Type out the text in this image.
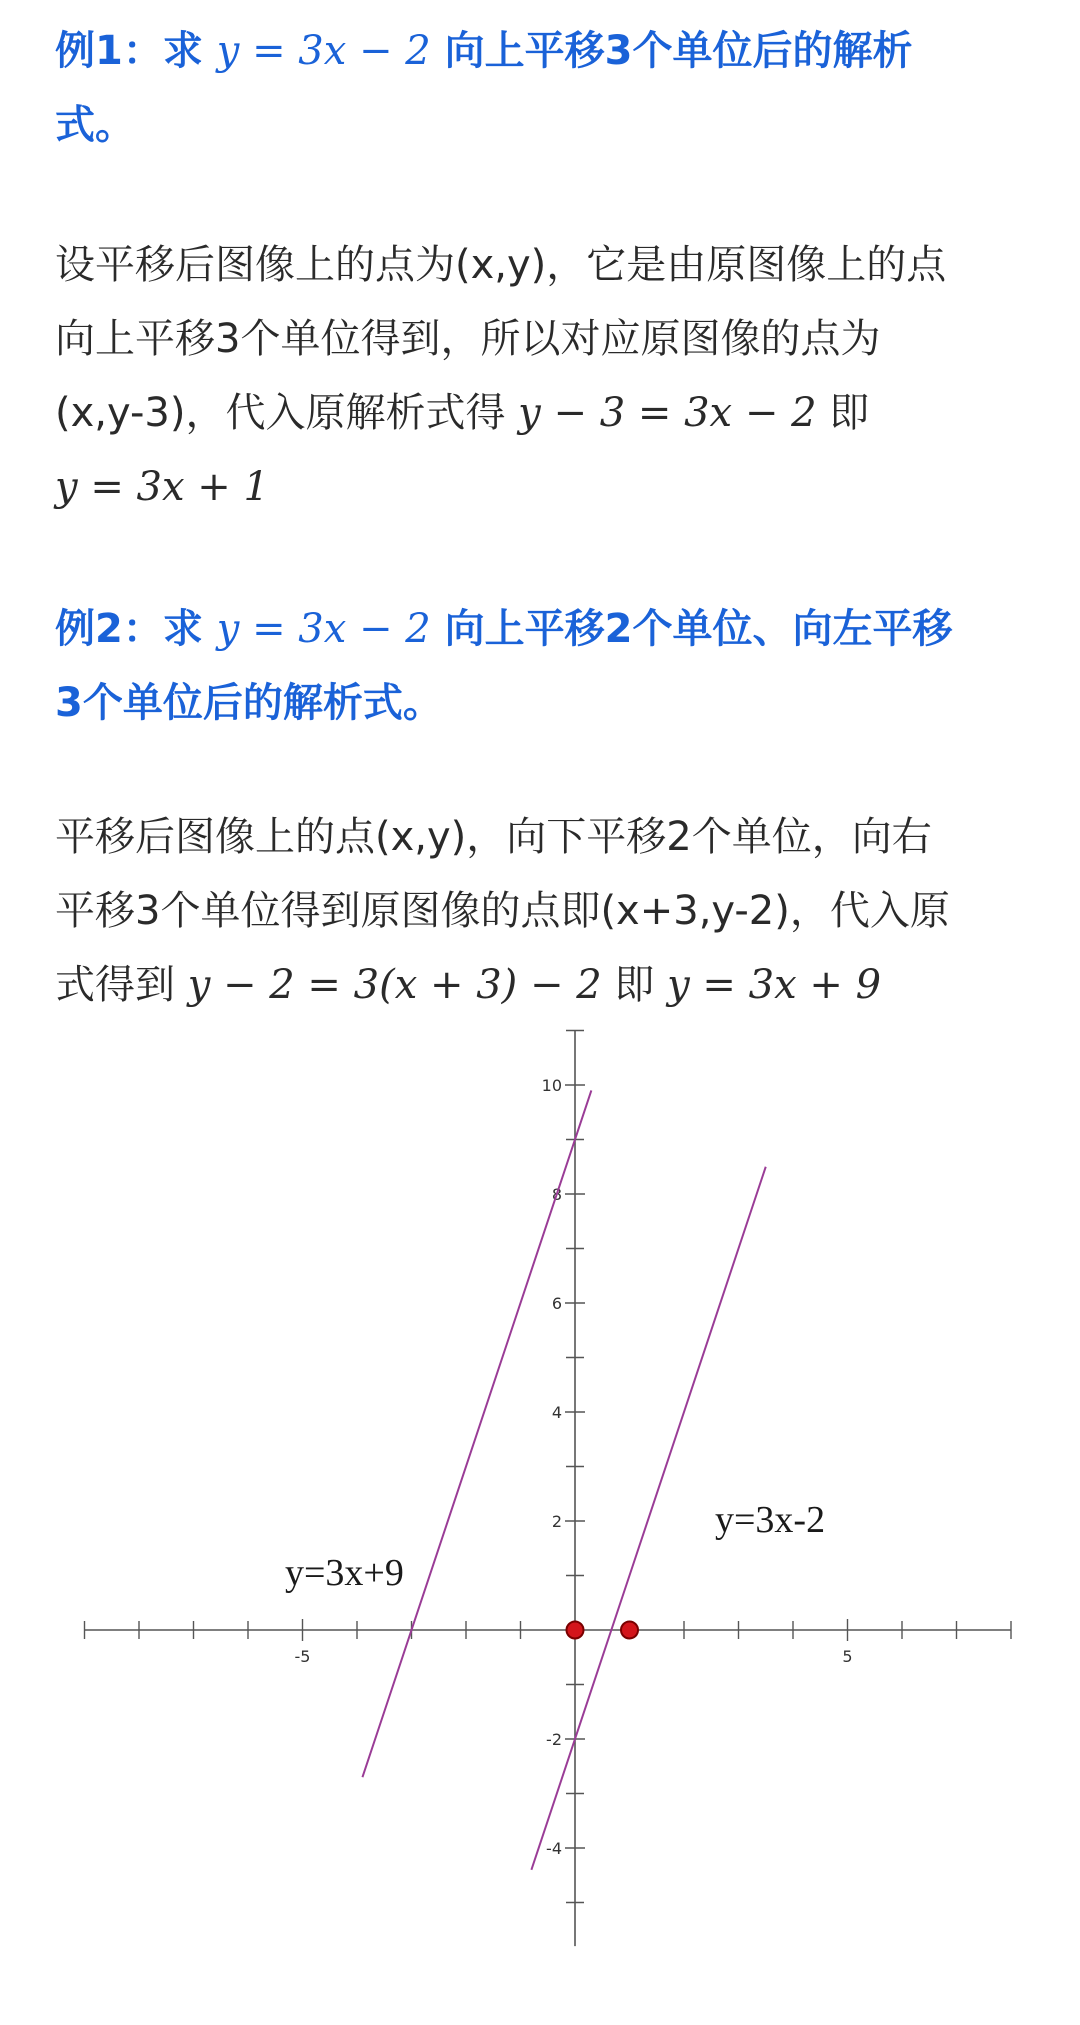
例1：求 y = 3x − 2 向上平移3个单位后的解析
式。
设平移后图像上的点为(x,y)，它是由原图像上的点
向上平移3个单位得到，所以对应原图像的点为
(x,y-3)，代入原解析式得 y − 3 = 3x − 2 即
y = 3x + 1
例2：求 y = 3x − 2 向上平移2个单位、向左平移
3个单位后的解析式。
平移后图像上的点(x,y)，向下平移2个单位，向右
平移3个单位得到原图像的点即(x+3,y-2)，代入原
式得到 y − 2 = 3(x + 3) − 2 即 y = 3x + 9
-5	5
10
8
6
4
2
-2
-4
y=3x+9
y=3x-2
